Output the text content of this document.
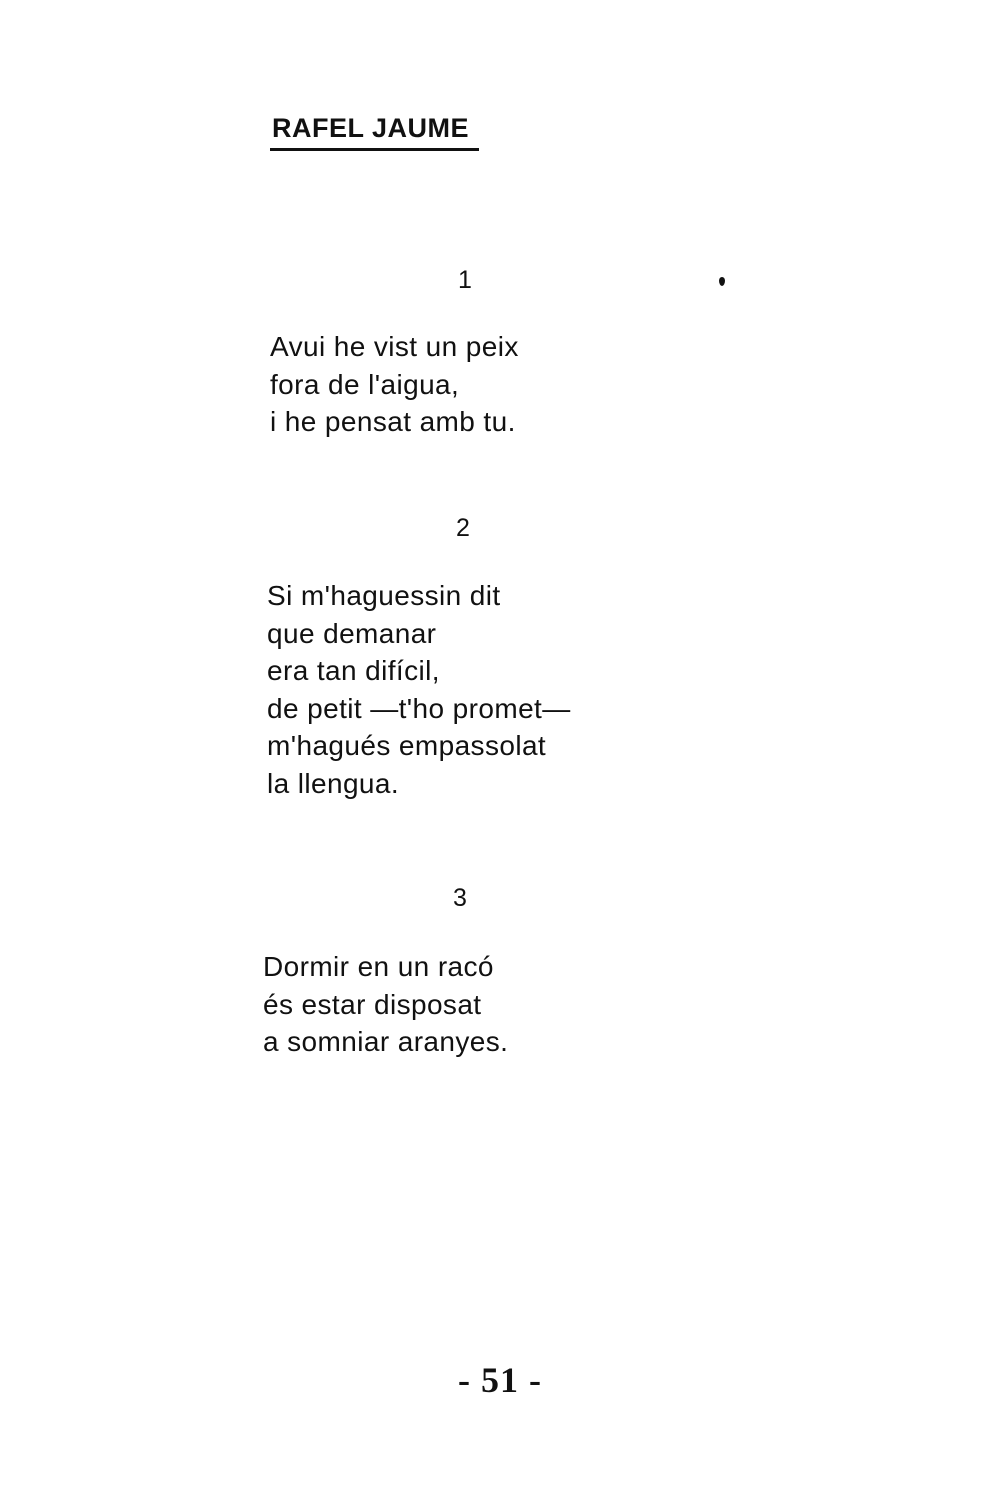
RAFEL JAUME
1
Avui he vist un peix
fora de l'aigua,
i he pensat amb tu.
2
Si m'haguessin dit
que demanar
era tan difícil,
de petit —t'ho promet—
m'hagués empassolat
la llengua.
3
Dormir en un racó
és estar disposat
a somniar aranyes.
- 51 -
